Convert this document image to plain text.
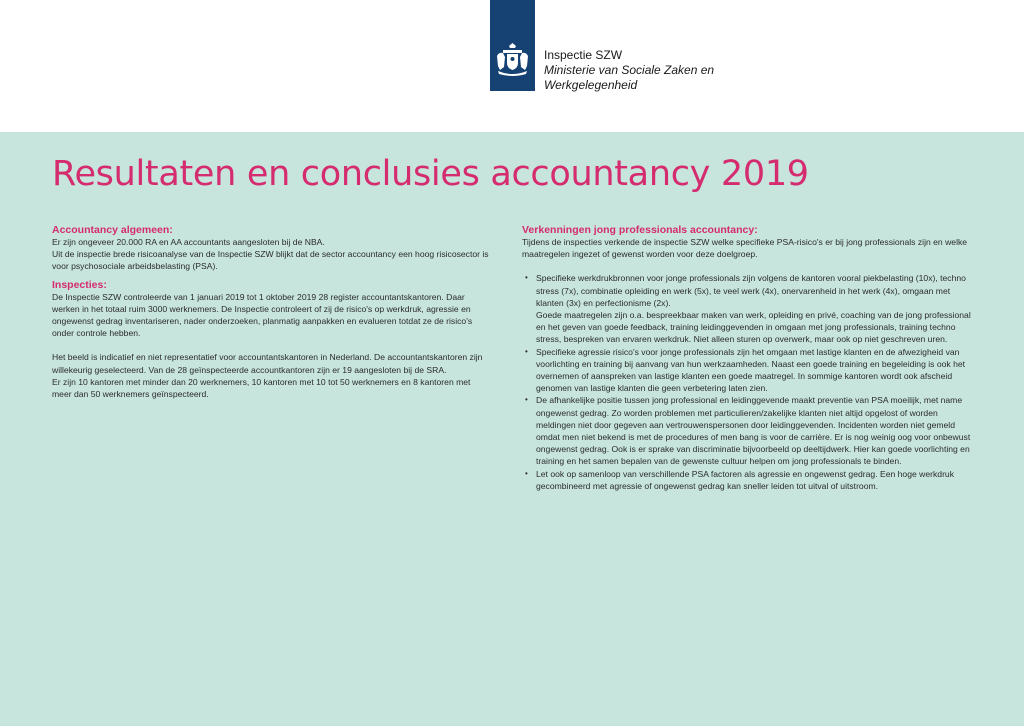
Inspectie SZW
Ministerie van Sociale Zaken en
Werkgelegenheid
Resultaten en conclusies accountancy 2019
Accountancy algemeen:

Er zijn ongeveer 20.000 RA en AA accountants aangesloten bij de NBA.

Uit de inspectie brede risicoanalyse van de Inspectie SZW blijkt dat de sector accountancy een hoog risicosector is voor psychosociale arbeidsbelasting (PSA).

Inspecties:

De Inspectie SZW controleerde van 1 januari 2019 tot 1 oktober 2019 28 register accountantskantoren. Daar werken in het totaal ruim 3000 werknemers. De Inspectie controleert of zij de risico's op werkdruk, agressie en ongewenst gedrag inventariseren, nader onderzoeken, planmatig aanpakken en evalueren totdat ze de risico's onder controle hebben.

Het beeld is indicatief en niet representatief voor accountantskantoren in Nederland. De accountantskantoren zijn willekeurig geselecteerd. Van de 28 geïnspecteerde accountkantoren zijn er 19 aangesloten bij de SRA.

Er zijn 10 kantoren met minder dan 20 werknemers, 10 kantoren met 10 tot 50 werknemers en 8 kantoren met meer dan 50 werknemers geïnspecteerd.

Verkenningen jong professionals accountancy:

Tijdens de inspecties verkende de inspectie SZW welke specifieke PSA-risico's er bij jong professionals zijn en welke maatregelen ingezet of gewenst worden voor deze doelgroep.

• Specifieke werkdrukbronnen voor jonge professionals zijn volgens de kantoren vooral piekbelasting (10x), techno stress (7x), combinatie opleiding en werk (5x), te veel werk (4x), onervarenheid in het werk (4x), omgaan met klanten (3x) en perfectionisme (2x).

Goede maatregelen zijn o.a. bespreekbaar maken van werk, opleiding en privé, coaching van de jong professional en het geven van goede feedback, training leidinggevenden in omgaan met jong professionals, training techno stress, bespreken van ervaren werkdruk. Niet alleen sturen op overwerk, maar ook op niet geschreven uren.

• Specifieke agressie risico's voor jonge professionals zijn het omgaan met lastige klanten en de afwezigheid van voorlichting en training bij aanvang van hun werkzaamheden. Naast een goede training en begeleiding is ook het overnemen of aanspreken van lastige klanten een goede maatregel. In sommige kantoren wordt ook afscheid genomen van lastige klanten die geen verbetering laten zien.

• De afhankelijke positie tussen jong professional en leidinggevende maakt preventie van PSA moeilijk, met name ongewenst gedrag. Zo worden problemen met particulieren/zakelijke klanten niet altijd opgelost of worden meldingen niet door gegeven aan vertrouwenspersonen door leidinggevenden. Incidenten worden niet gemeld omdat men niet bekend is met de procedures of men bang is voor de carrière. Er is nog weinig oog voor onbewust ongewenst gedrag. Ook is er sprake van discriminatie bijvoorbeeld op deeltijdwerk. Hier kan goede voorlichting en training en het samen bepalen van de gewenste cultuur helpen om jong professionals te binden.

• Let ook op samenloop van verschillende PSA factoren als agressie en ongewenst gedrag. Een hoge werkdruk gecombineerd met agressie of ongewenst gedrag kan sneller leiden tot uitval of uitstroom.
